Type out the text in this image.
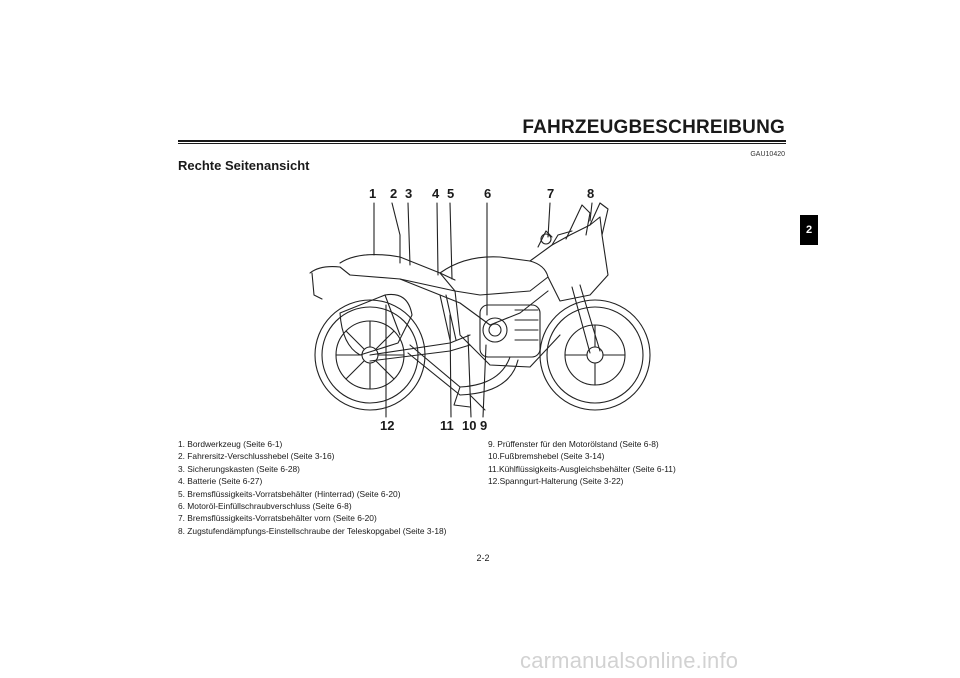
FAHRZEUGBESCHREIBUNG
GAU10420
Rechte Seitenansicht
2
1 2 3 4 5 6	7	8
12	11 10 9
1. Bordwerkzeug (Seite 6-1)
2. Fahrersitz-Verschlusshebel (Seite 3-16)
3. Sicherungskasten (Seite 6-28)
4. Batterie (Seite 6-27)
5. Bremsflüssigkeits-Vorratsbehälter (Hinterrad) (Seite 6-20)
6. Motoröl-Einfüllschraubverschluss (Seite 6-8)
7. Bremsflüssigkeits-Vorratsbehälter vorn (Seite 6-20)
8. Zugstufendämpfungs-Einstellschraube der Teleskopgabel (Seite 3-18)
9. Prüffenster für den Motorölstand (Seite 6-8)
10.Fußbremshebel (Seite 3-14)
11.Kühlflüssigkeits-Ausgleichsbehälter (Seite 6-11)
12.Spanngurt-Halterung (Seite 3-22)
2-2
carmanualsonline.info
